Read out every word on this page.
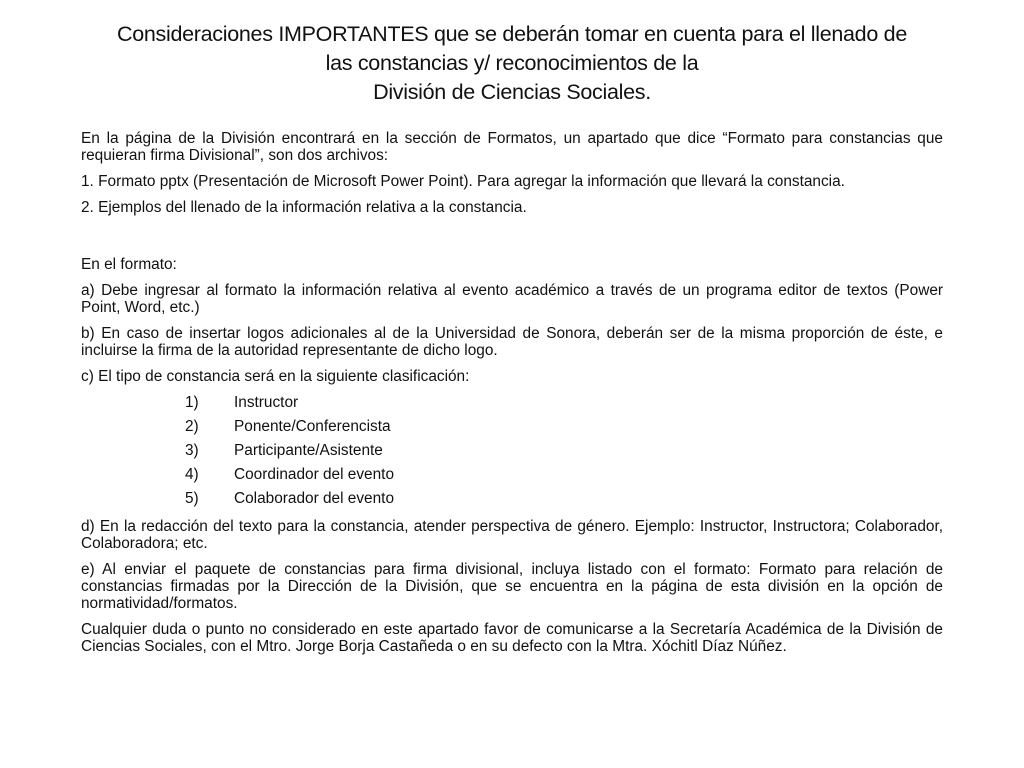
Consideraciones IMPORTANTES que se deberán tomar en cuenta para el llenado de
las constancias y/ reconocimientos de la
División de Ciencias Sociales.

En la página de la División encontrará en la sección de Formatos, un apartado que dice “Formato para constancias que requieran firma Divisional”, son dos archivos:

1. Formato pptx (Presentación de Microsoft Power Point). Para agregar la información que llevará la constancia.

2. Ejemplos del llenado de la información relativa a la constancia.

En el formato:

a) Debe ingresar al formato la información relativa al evento académico a través de un programa editor de textos (Power Point, Word, etc.)

b) En caso de insertar logos adicionales al de la Universidad de Sonora, deberán ser de la misma proporción de éste, e incluirse la firma de la autoridad representante de dicho logo.

c) El tipo de constancia será en la siguiente clasificación:

1) Instructor
2) Ponente/Conferencista
3) Participante/Asistente
4) Coordinador del evento
5) Colaborador del evento

d) En la redacción del texto para la constancia, atender perspectiva de género. Ejemplo: Instructor, Instructora; Colaborador, Colaboradora; etc.

e) Al enviar el paquete de constancias para firma divisional, incluya listado con el formato: Formato para relación de constancias firmadas por la Dirección de la División, que se encuentra en la página de esta división en la opción de normatividad/formatos.

Cualquier duda o punto no considerado en este apartado favor de comunicarse a la Secretaría Académica de la División de Ciencias Sociales, con el Mtro. Jorge Borja Castañeda o en su defecto con la Mtra. Xóchitl Díaz Núñez.
